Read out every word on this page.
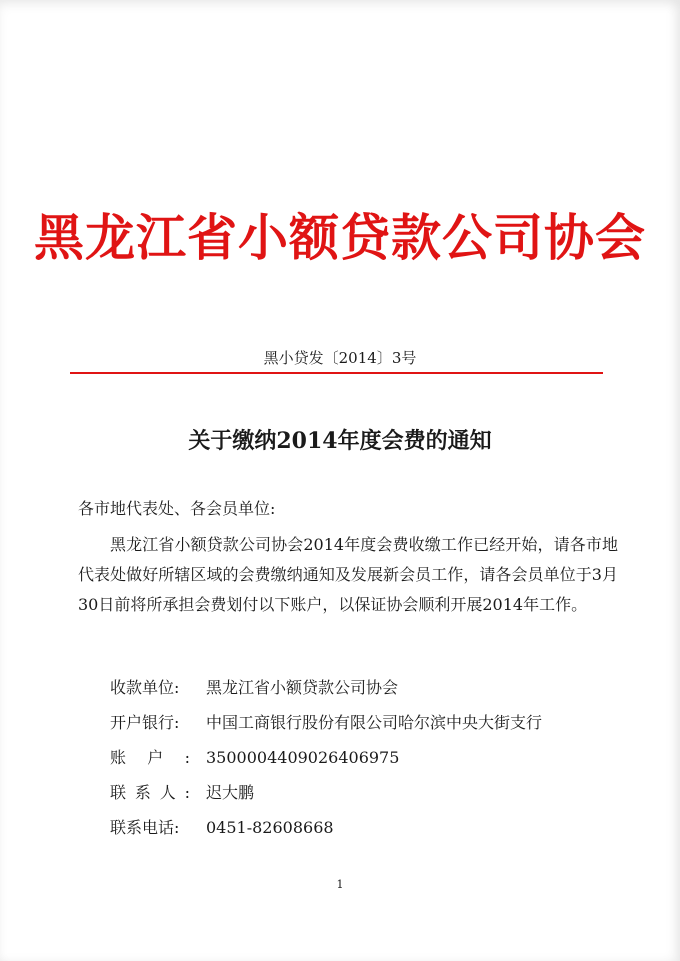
黑龙江省小额贷款公司协会
黑小贷发〔2014〕3号
关于缴纳2014年度会费的通知
各市地代表处、各会员单位:
黑龙江省小额贷款公司协会2014年度会费收缴工作已经开始，请各市地代表处做好所辖区域的会费缴纳通知及发展新会员工作，请各会员单位于3月30日前将所承担会费划付以下账户，以保证协会顺利开展2014年工作。
收款单位: 黑龙江省小额贷款公司协会
开户银行: 中国工商银行股份有限公司哈尔滨中央大街支行
账户: 3500004409026406975
联系人: 迟大鹏
联系电话: 0451-82608668
1
